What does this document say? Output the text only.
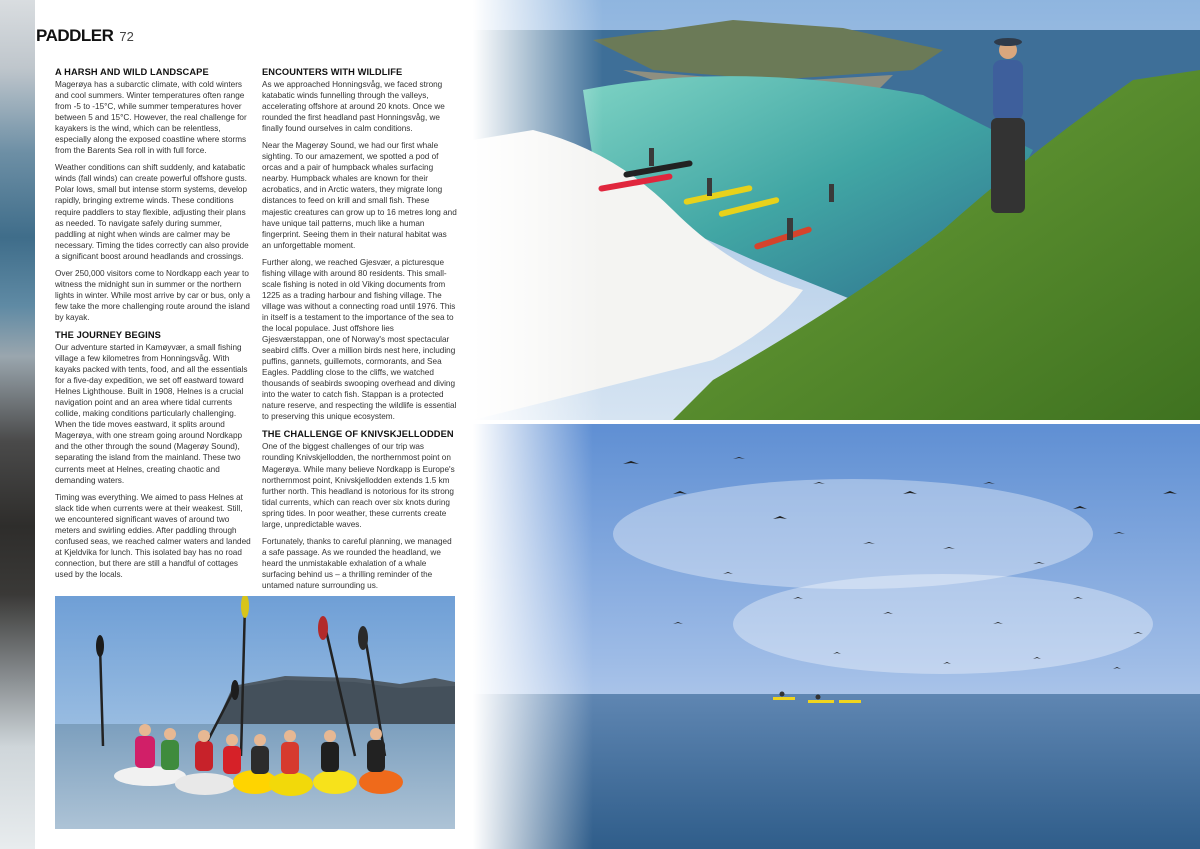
PADDLER 72
A HARSH AND WILD LANDSCAPE

Magerøya has a subarctic climate, with cold winters and cool summers. Winter temperatures often range from -5 to -15°C, while summer temperatures hover between 5 and 15°C. However, the real challenge for kayakers is the wind, which can be relentless, especially along the exposed coastline where storms from the Barents Sea roll in with full force.

Weather conditions can shift suddenly, and katabatic winds (fall winds) can create powerful offshore gusts. Polar lows, small but intense storm systems, develop rapidly, bringing extreme winds. These conditions require paddlers to stay flexible, adjusting their plans as needed. To navigate safely during summer, paddling at night when winds are calmer may be necessary. Timing the tides correctly can also provide a significant boost around headlands and crossings.

Over 250,000 visitors come to Nordkapp each year to witness the midnight sun in summer or the northern lights in winter. While most arrive by car or bus, only a few take the more challenging route around the island by kayak.

THE JOURNEY BEGINS

Our adventure started in Kamøyvær, a small fishing village a few kilometres from Honningsvåg. With kayaks packed with tents, food, and all the essentials for a five-day expedition, we set off eastward toward Helnes Lighthouse. Built in 1908, Helnes is a crucial navigation point and an area where tidal currents collide, making conditions particularly challenging. When the tide moves eastward, it splits around Magerøya, with one stream going around Nordkapp and the other through the sound (Magerøy Sound), separating the island from the mainland. These two currents meet at Helnes, creating chaotic and demanding waters.

Timing was everything. We aimed to pass Helnes at slack tide when currents were at their weakest. Still, we encountered significant waves of around two meters and swirling eddies. After paddling through confused seas, we reached calmer waters and landed at Kjeldvika for lunch. This isolated bay has no road connection, but there are still a handful of cottages used by the locals.

ENCOUNTERS WITH WILDLIFE

As we approached Honningsvåg, we faced strong katabatic winds funnelling through the valleys, accelerating offshore at around 20 knots. Once we rounded the first headland past Honningsvåg, we finally found ourselves in calm conditions.

Near the Magerøy Sound, we had our first whale sighting. To our amazement, we spotted a pod of orcas and a pair of humpback whales surfacing nearby. Humpback whales are known for their acrobatics, and in Arctic waters, they migrate long distances to feed on krill and small fish. These majestic creatures can grow up to 16 metres long and have unique tail patterns, much like a human fingerprint. Seeing them in their natural habitat was an unforgettable moment.

Further along, we reached Gjesvær, a picturesque fishing village with around 80 residents. This small-scale fishing is noted in old Viking documents from 1225 as a trading harbour and fishing village. The village was without a connecting road until 1976. This in itself is a testament to the importance of the sea to the local populace. Just offshore lies Gjesværstappan, one of Norway's most spectacular seabird cliffs. Over a million birds nest here, including puffins, gannets, guillemots, cormorants, and Sea Eagles. Paddling close to the cliffs, we watched thousands of seabirds swooping overhead and diving into the water to catch fish. Stappan is a protected nature reserve, and respecting the wildlife is essential to preserving this unique ecosystem.

THE CHALLENGE OF KNIVSKJELLODDEN

One of the biggest challenges of our trip was rounding Knivskjellodden, the northernmost point on Magerøya. While many believe Nordkapp is Europe's northernmost point, Knivskjellodden extends 1.5 km further north. This headland is notorious for its strong tidal currents, which can reach over six knots during spring tides. In poor weather, these currents create large, unpredictable waves.

Fortunately, thanks to careful planning, we managed a safe passage. As we rounded the headland, we heard the unmistakable exhalation of a whale surfacing behind us – a thrilling reminder of the untamed nature surrounding us.
